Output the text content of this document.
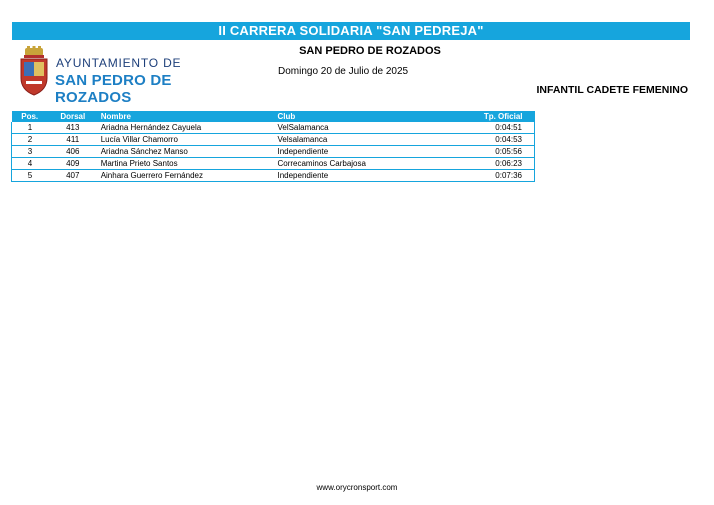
II CARRERA SOLIDARIA "SAN PEDREJA"
AYUNTAMIENTO DE
SAN PEDRO DE ROZADOS
SAN PEDRO DE ROZADOS
Domingo 20 de Julio de 2025
INFANTIL CADETE FEMENINO
Pos.	Dorsal	Nombre	Club	Tp. Oficial
1	413	Ariadna Hernández Cayuela	VelSalamanca	0:04:51
2	411	Lucía Villar Chamorro	Velsalamanca	0:04:53
3	406	Ariadna Sánchez Manso	Independiente	0:05:56
4	409	Martina Prieto Santos	Correcaminos Carbajosa	0:06:23
5	407	Ainhara Guerrero Fernández	Independiente	0:07:36
www.orycronsport.com
